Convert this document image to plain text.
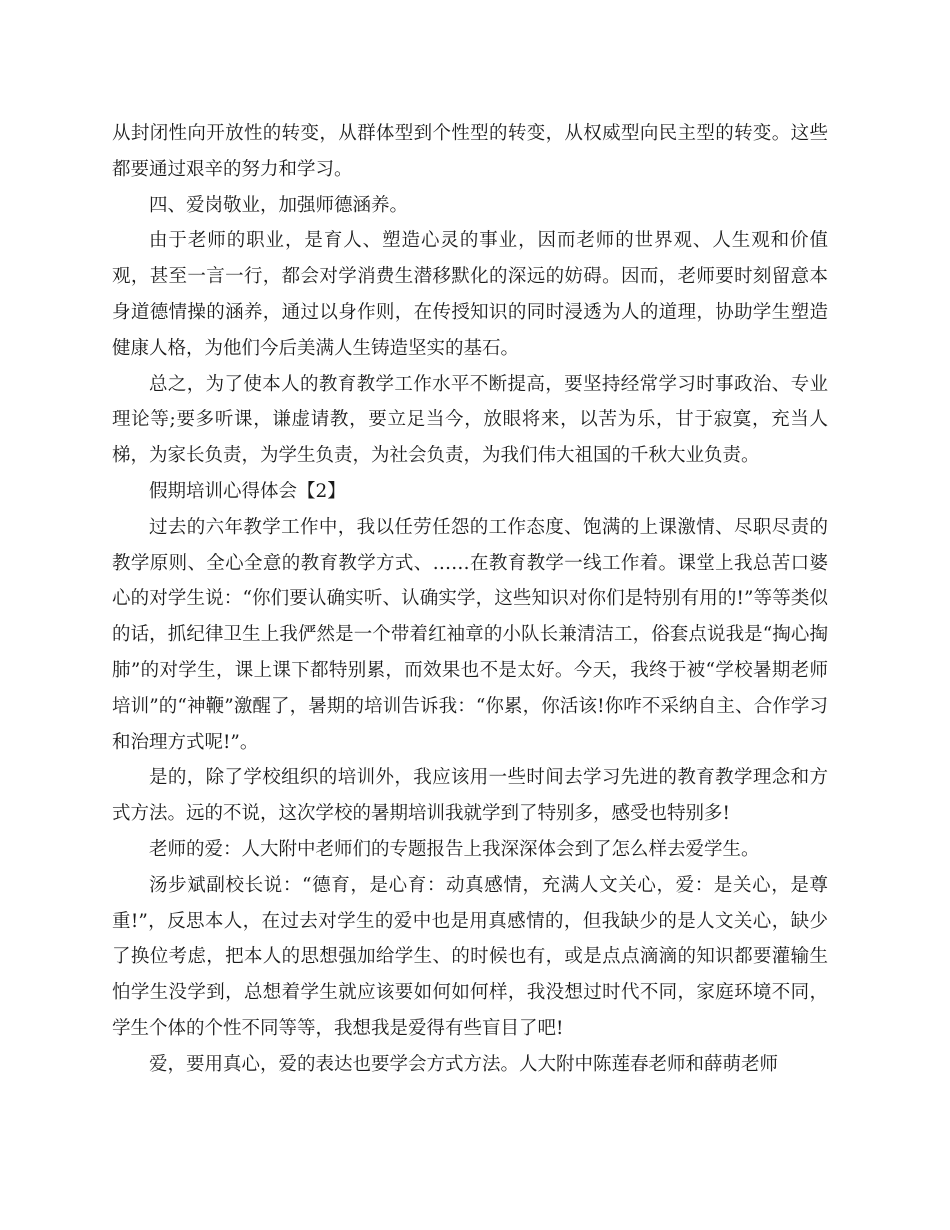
从封闭性向开放性的转变，从群体型到个性型的转变，从权威型向民主型的转变。这些都要通过艰辛的努力和学习。

四、爱岗敬业，加强师德涵养。

由于老师的职业，是育人、塑造心灵的事业，因而老师的世界观、人生观和价值观，甚至一言一行，都会对学消费生潜移默化的深远的妨碍。因而，老师要时刻留意本身道德情操的涵养，通过以身作则，在传授知识的同时浸透为人的道理，协助学生塑造健康人格，为他们今后美满人生铸造坚实的基石。

总之，为了使本人的教育教学工作水平不断提高，要坚持经常学习时事政治、专业理论等;要多听课，谦虚请教，要立足当今，放眼将来，以苦为乐，甘于寂寞，充当人梯，为家长负责，为学生负责，为社会负责，为我们伟大祖国的千秋大业负责。

假期培训心得体会【2】

过去的六年教学工作中，我以任劳任怨的工作态度、饱满的上课激情、尽职尽责的教学原则、全心全意的教育教学方式、……在教育教学一线工作着。课堂上我总苦口婆心的对学生说：“你们要认确实听、认确实学，这些知识对你们是特别有用的!”等等类似的话，抓纪律卫生上我俨然是一个带着红袖章的小队长兼清洁工，俗套点说我是“掏心掏肺”的对学生，课上课下都特别累，而效果也不是太好。今天，我终于被“学校暑期老师培训”的“神鞭”激醒了，暑期的培训告诉我：“你累，你活该!你咋不采纳自主、合作学习和治理方式呢!”。

是的，除了学校组织的培训外，我应该用一些时间去学习先进的教育教学理念和方式方法。远的不说，这次学校的暑期培训我就学到了特别多，感受也特别多!

老师的爱：人大附中老师们的专题报告上我深深体会到了怎么样去爱学生。

汤步斌副校长说：“德育，是心育：动真感情，充满人文关心，爱：是关心，是尊重!”，反思本人，在过去对学生的爱中也是用真感情的，但我缺少的是人文关心，缺少了换位考虑，把本人的思想强加给学生、的时候也有，或是点点滴滴的知识都要灌输生怕学生没学到，总想着学生就应该要如何如何样，我没想过时代不同，家庭环境不同，学生个体的个性不同等等，我想我是爱得有些盲目了吧!

爱，要用真心，爱的表达也要学会方式方法。人大附中陈莲春老师和薛萌老师
